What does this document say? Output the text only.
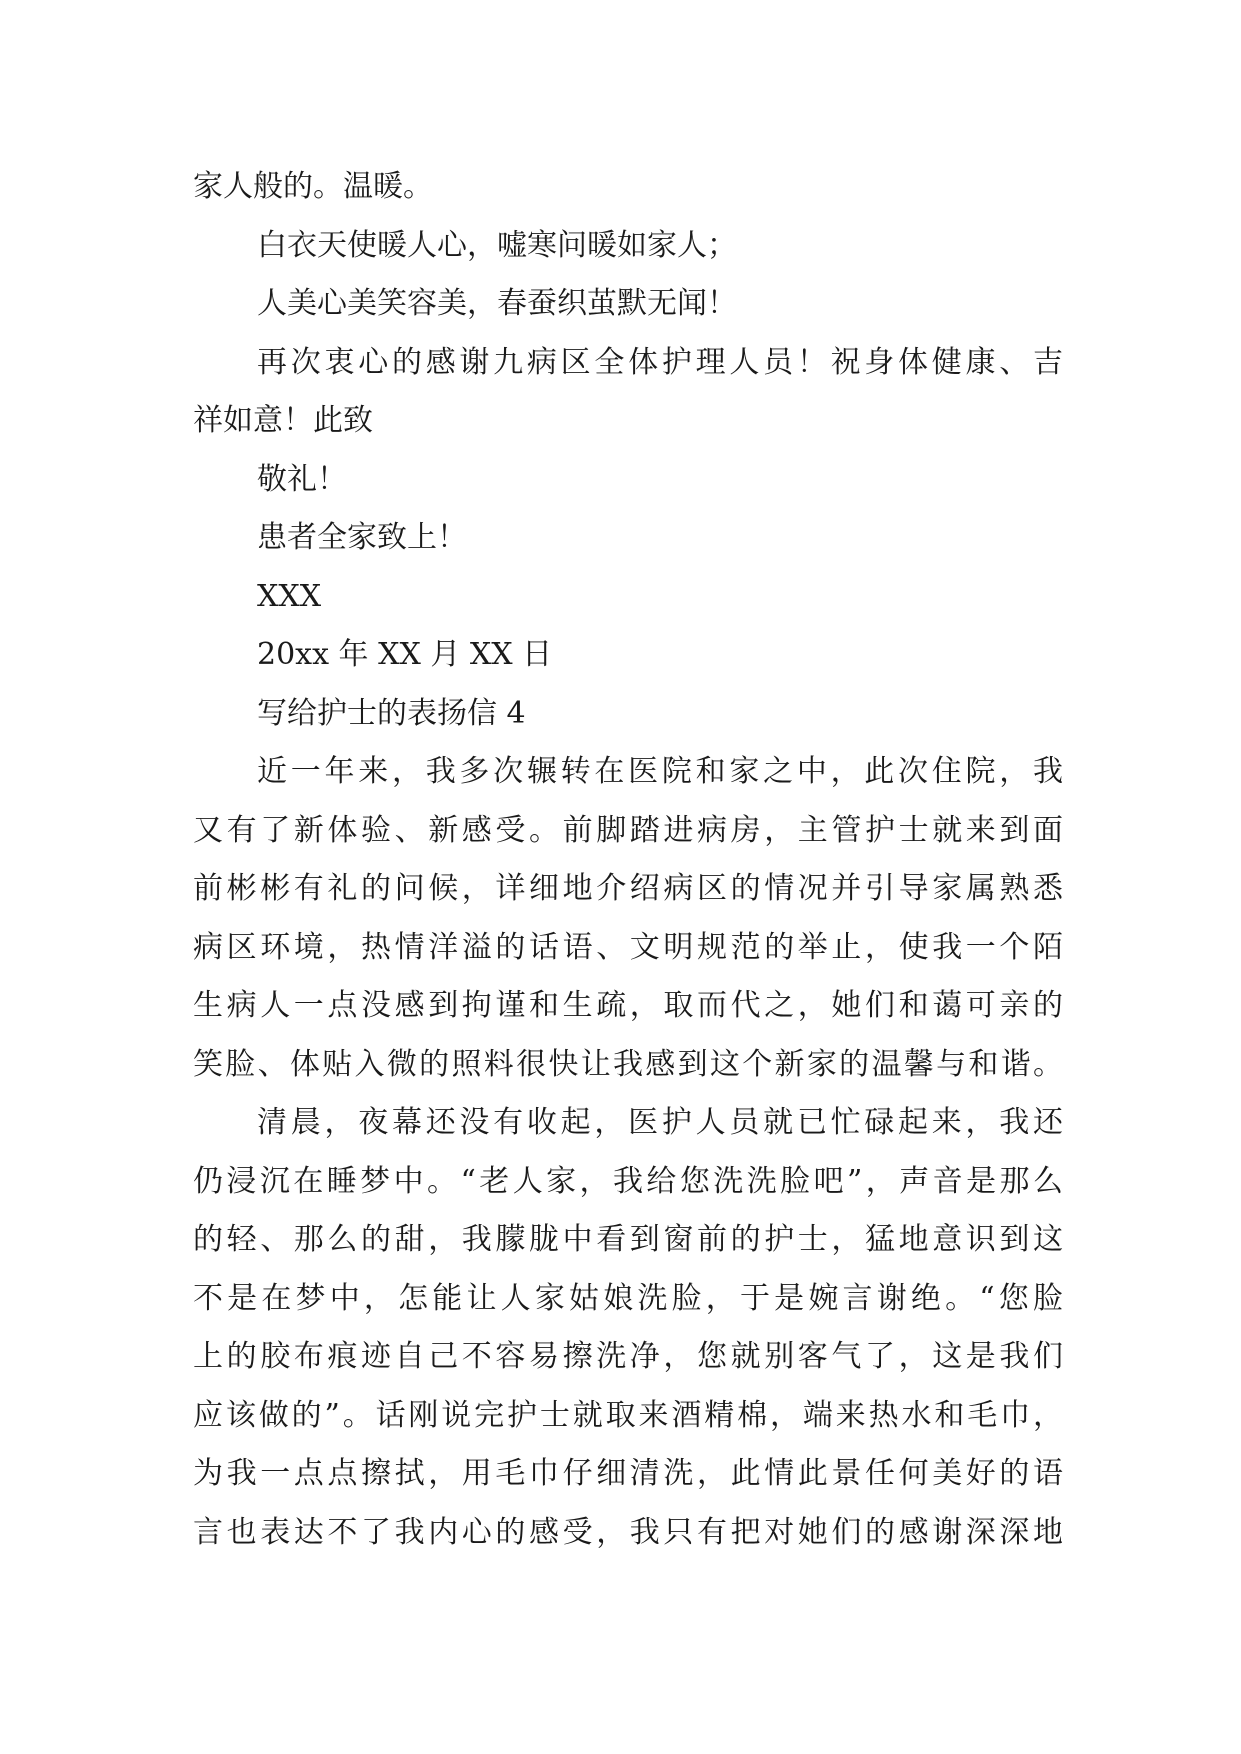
家人般的。温暖。

白衣天使暖人心，嘘寒问暖如家人；

人美心美笑容美，春蚕织茧默无闻！

再次衷心的感谢九病区全体护理人员！祝身体健康、吉
祥如意！此致

敬礼！

患者全家致上！

XXX

20xx 年 XX 月 XX 日

写给护士的表扬信 4

近一年来，我多次辗转在医院和家之中，此次住院，我
又有了新体验、新感受。前脚踏进病房，主管护士就来到面
前彬彬有礼的问候，详细地介绍病区的情况并引导家属熟悉
病区环境，热情洋溢的话语、文明规范的举止，使我一个陌
生病人一点没感到拘谨和生疏，取而代之，她们和蔼可亲的
笑脸、体贴入微的照料很快让我感到这个新家的温馨与和谐。

清晨，夜幕还没有收起，医护人员就已忙碌起来，我还
仍浸沉在睡梦中。“老人家，我给您洗洗脸吧”，声音是那么
的轻、那么的甜，我朦胧中看到窗前的护士，猛地意识到这
不是在梦中，怎能让人家姑娘洗脸，于是婉言谢绝。“您脸
上的胶布痕迹自己不容易擦洗净，您就别客气了，这是我们
应该做的”。话刚说完护士就取来酒精棉，端来热水和毛巾，
为我一点点擦拭，用毛巾仔细清洗，此情此景任何美好的语
言也表达不了我内心的感受，我只有把对她们的感谢深深地
